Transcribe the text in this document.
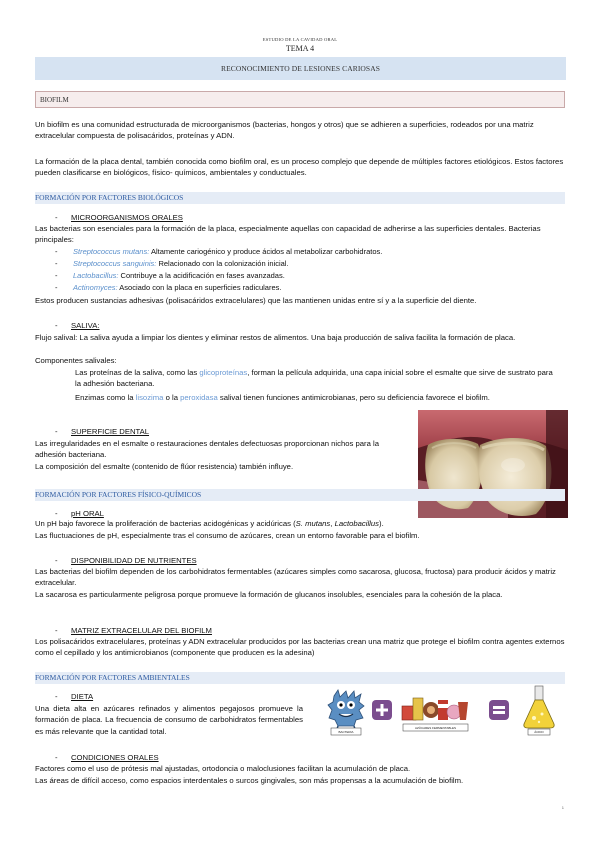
ESTUDIO DE LA CAVIDAD ORAL
TEMA 4
RECONOCIMIENTO DE LESIONES CARIOSAS
BIOFILM
Un biofilm es una comunidad estructurada de microorganismos (bacterias, hongos y otros) que se adhieren a superficies, rodeados por una matriz extracelular compuesta de polisacáridos, proteínas y ADN.
La formación de la placa dental, también conocida como biofilm oral, es un proceso complejo que depende de múltiples factores etiológicos. Estos factores pueden clasificarse en biológicos, físico- químicos, ambientales y conductuales.
FORMACIÓN POR FACTORES BIOLÓGICOS
- MICROORGANISMOS ORALES
Las bacterias son esenciales para la formación de la placa, especialmente aquellas con capacidad de adherirse a las superficies dentales. Bacterias principales:
- Streptococcus mutans: Altamente cariogénico y produce ácidos al metabolizar carbohidratos.
- Streptococcus sanguinis: Relacionado con la colonización inicial.
- Lactobacillus: Contribuye a la acidificación en fases avanzadas.
- Actinomyces: Asociado con la placa en superficies radiculares.
Estos producen sustancias adhesivas (polisacáridos extracelulares) que las mantienen unidas entre sí y a la superficie del diente.
- SALIVA:
Flujo salival: La saliva ayuda a limpiar los dientes y eliminar restos de alimentos. Una baja producción de saliva facilita la formación de placa.
Componentes salivales:
Las proteínas de la saliva, como las glicoproteínas, forman la película adquirida, una capa inicial sobre el esmalte que sirve de sustrato para la adhesión bacteriana.
Enzimas como la lisozima o la peroxidasa salival tienen funciones antimicrobianas, pero su deficiencia favorece el biofilm.
- SUPERFICIE DENTAL
Las irregularidades en el esmalte o restauraciones dentales defectuosas proporcionan nichos para la adhesión bacteriana.
La composición del esmalte (contenido de flúor resistencia) también influye.
FORMACIÓN POR FACTORES FÍSICO-QUÍMICOS
- pH ORAL
Un pH bajo favorece la proliferación de bacterias acidogénicas y acidúricas (S. mutans, Lactobacillus).
Las fluctuaciones de pH, especialmente tras el consumo de azúcares, crean un entorno favorable para el biofilm.
- DISPONIBILIDAD DE NUTRIENTES
Las bacterias del biofilm dependen de los carbohidratos fermentables (azúcares simples como sacarosa, glucosa, fructosa) para producir ácidos y matriz extracelular.
La sacarosa es particularmente peligrosa porque promueve la formación de glucanos insolubles, esenciales para la cohesión de la placa.
- MATRIZ EXTRACELULAR DEL BIOFILM
Los polisacáridos extracelulares, proteínas y ADN extracelular producidos por las bacterias crean una matriz que protege el biofilm contra agentes externos como el cepillado y los antimicrobianos (componente que producen es la adesina)
FORMACIÓN POR FACTORES AMBIENTALES
- DIETA
Una dieta alta en azúcares refinados y alimentos pegajosos promueve la formación de placa. La frecuencia de consumo de carbohidratos fermentables es más relevante que la cantidad total.	BACTERIA
AZÚCARES FERMENTABLES
ÁCIDO
- CONDICIONES ORALES
Factores como el uso de prótesis mal ajustadas, ortodoncia o maloclusiones facilitan la acumulación de placa.
Las áreas de difícil acceso, como espacios interdentales o surcos gingivales, son más propensas a la acumulación de biofilm.
1
